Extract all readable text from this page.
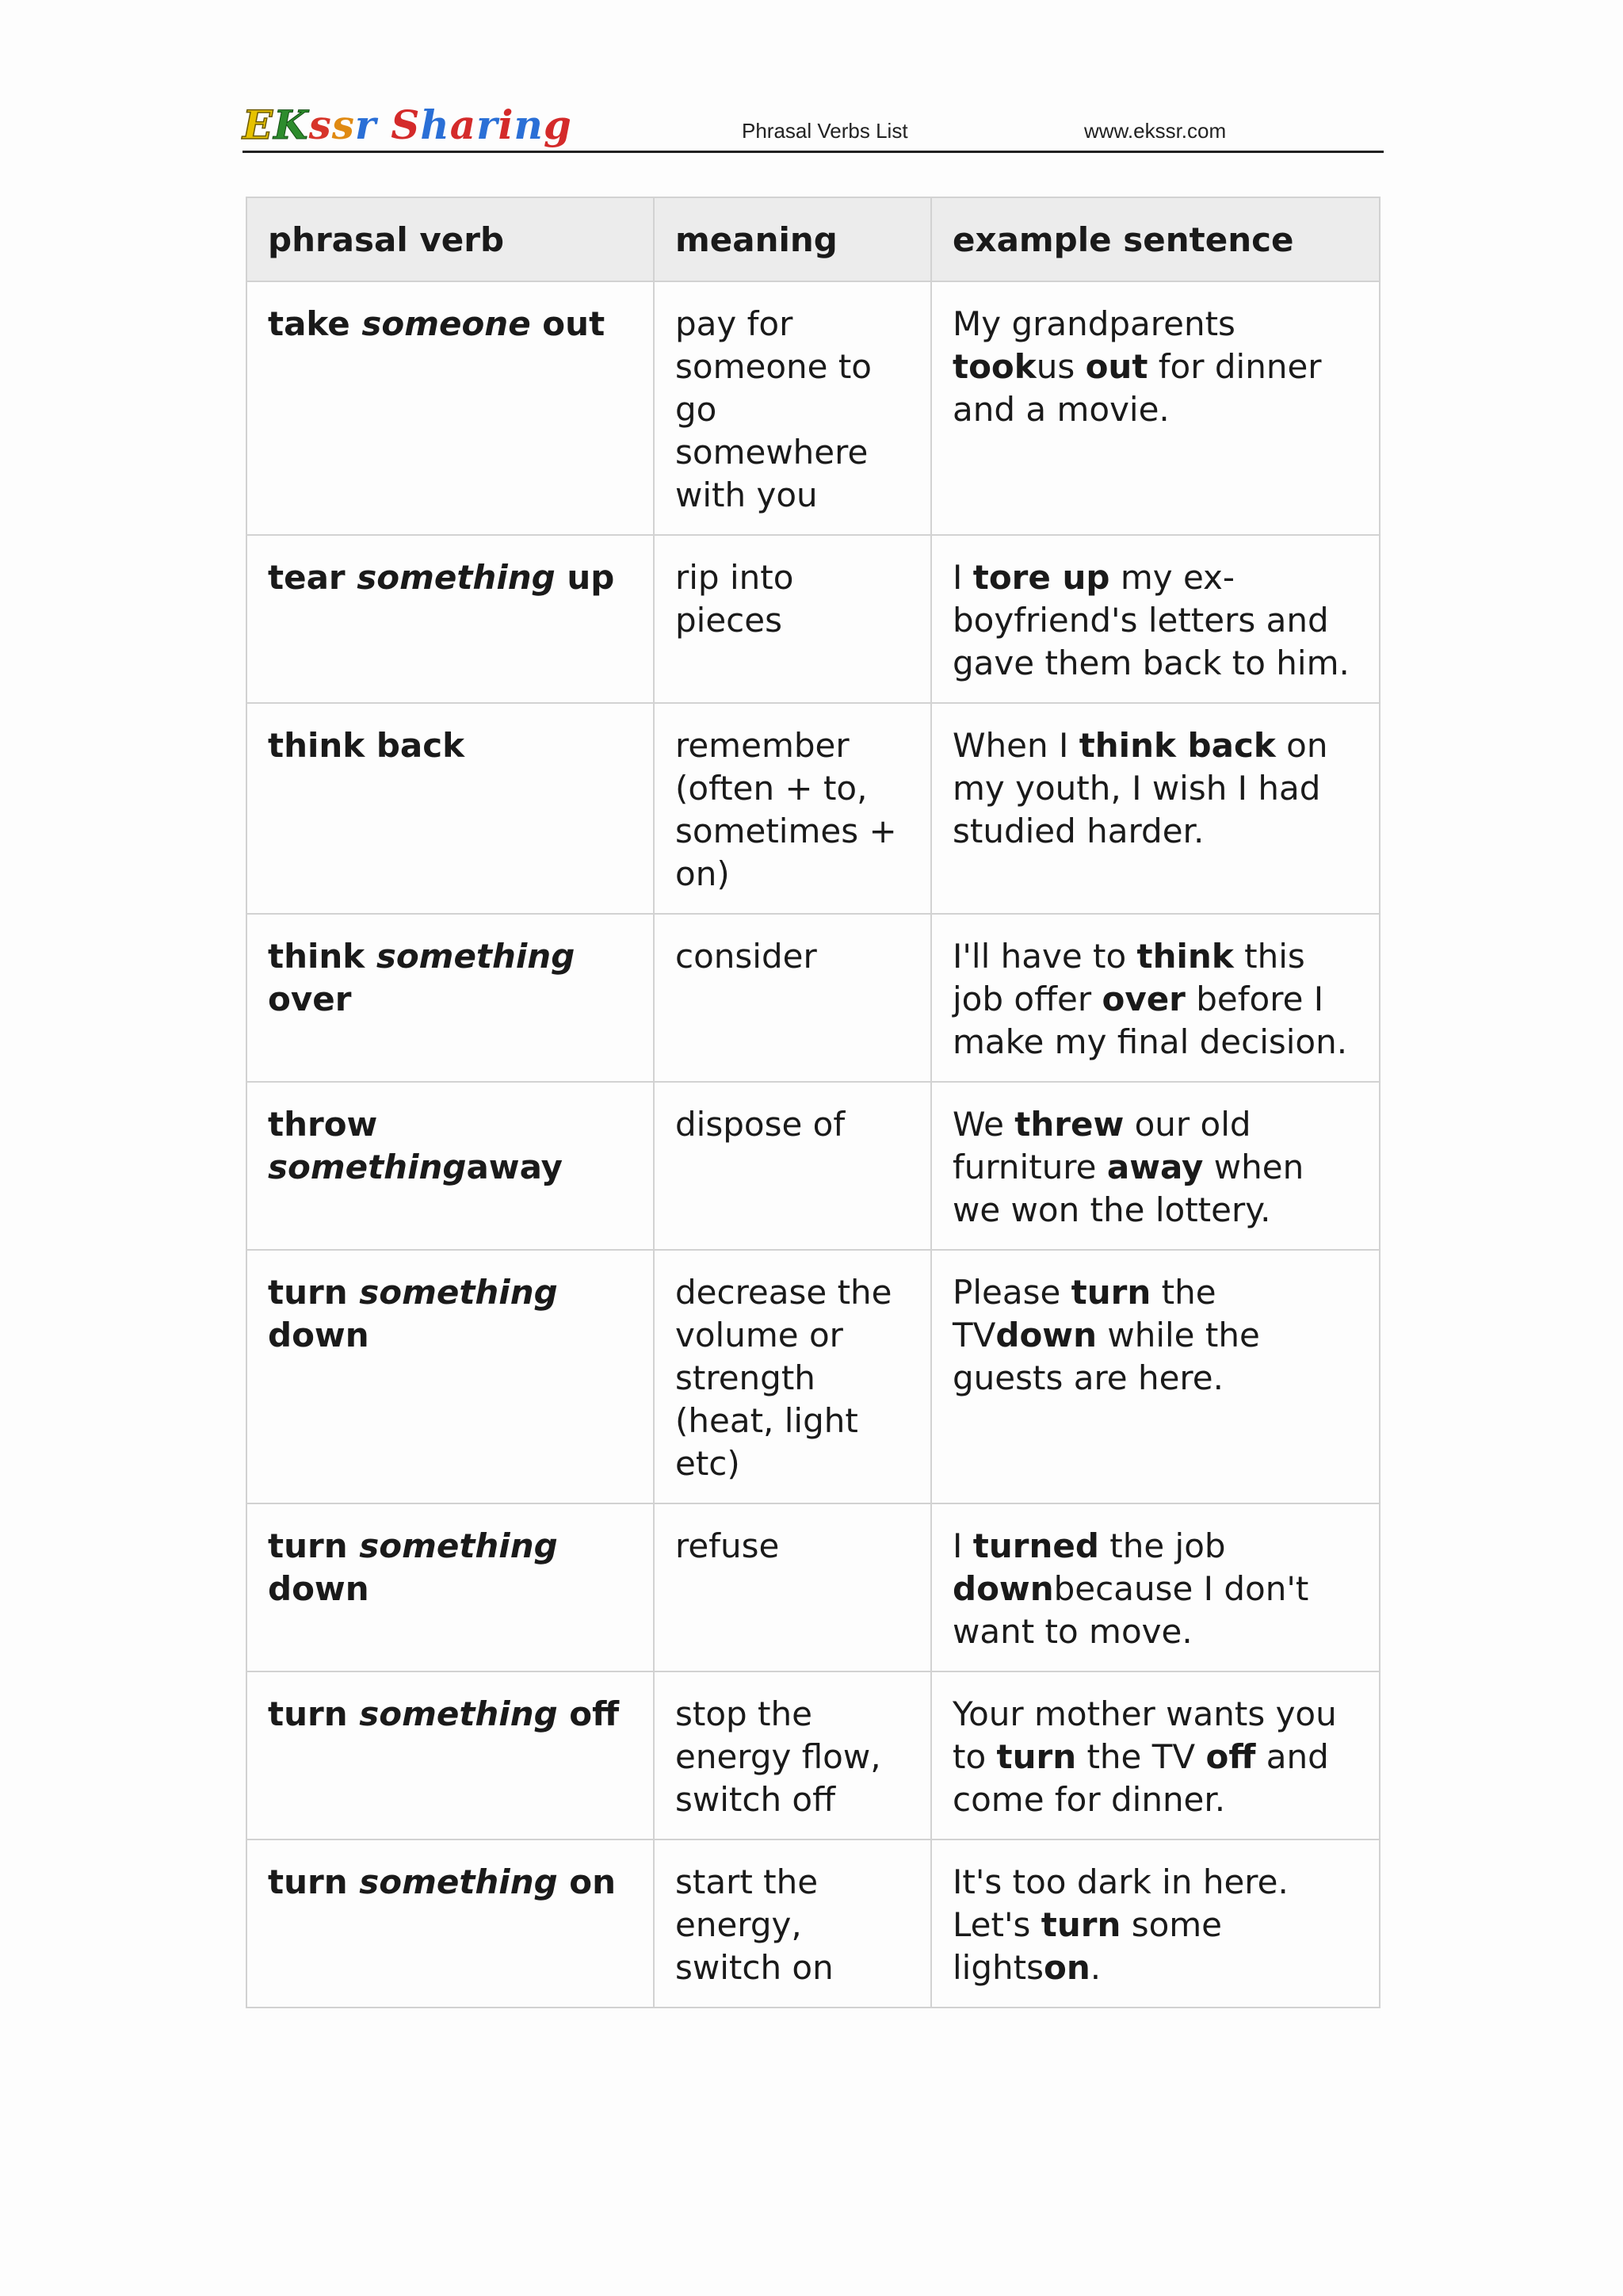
EKssr Sharing	Phrasal Verbs List	www.ekssr.com
phrasal verb	meaning	example sentence
take someone out	pay for someone to go somewhere with you	My grandparents tookus out for dinner and a movie.
tear something up	rip into pieces	I tore up my ex-boyfriend's letters and gave them back to him.
think back	remember (often + to, sometimes + on)	When I think back on my youth, I wish I had studied harder.
think something over	consider	I'll have to think this job offer over before I make my final decision.
throw somethingaway	dispose of	We threw our old furniture away when we won the lottery.
turn something down	decrease the volume or strength (heat, light etc)	Please turn the TVdown while the guests are here.
turn something down	refuse	I turned the job downbecause I don't want to move.
turn something off	stop the energy flow, switch off	Your mother wants you to turn the TV off and come for dinner.
turn something on	start the energy, switch on	It's too dark in here. Let's turn some lightson.
